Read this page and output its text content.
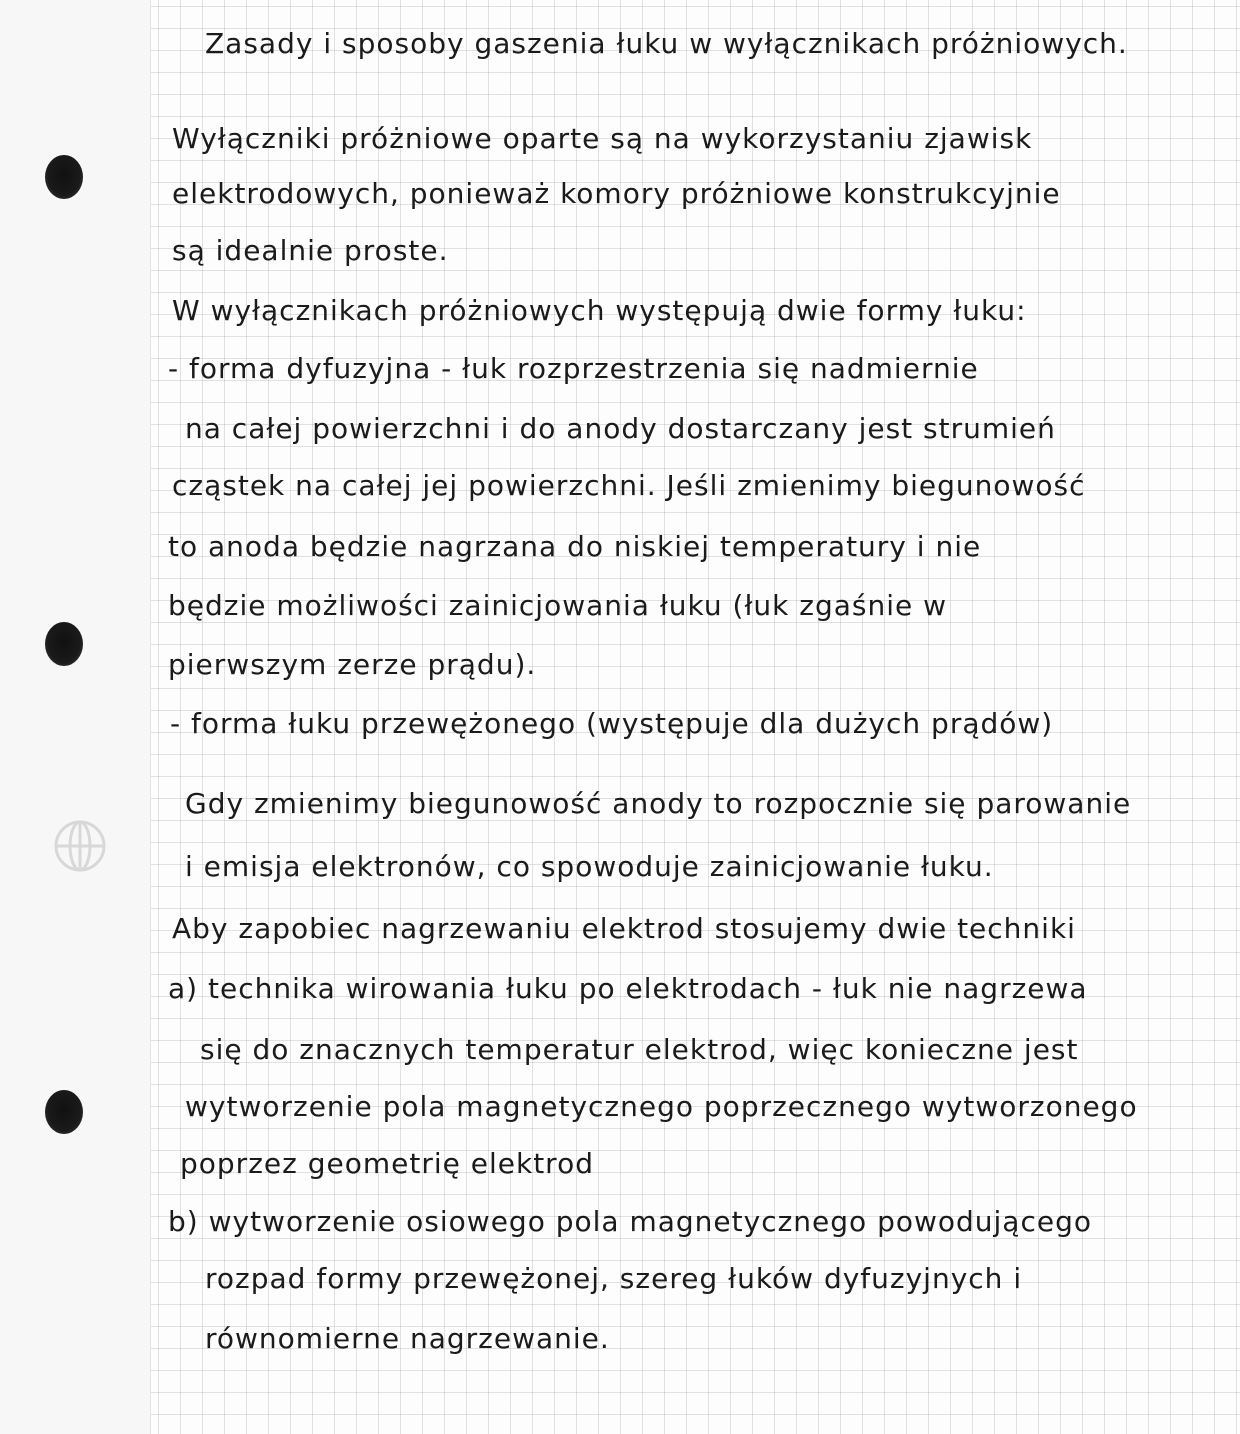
Zasady i sposoby gaszenia łuku w wyłącznikach próżniowych.

Wyłączniki próżniowe oparte są na wykorzystaniu zjawisk

elektrodowych, ponieważ komory próżniowe konstrukcyjnie

są idealnie proste.

W wyłącznikach próżniowych występują dwie formy łuku:

- forma dyfuzyjna - łuk rozprzestrzenia się nadmiernie

na całej powierzchni i do anody dostarczany jest strumień

cząstek na całej jej powierzchni. Jeśli zmienimy biegunowość

to anoda będzie nagrzana do niskiej temperatury i nie

będzie możliwości zainicjowania łuku (łuk zgaśnie w

pierwszym zerze prądu).

- forma łuku przewężonego (występuje dla dużych prądów)

Gdy zmienimy biegunowość anody to rozpocznie się parowanie

i emisja elektronów, co spowoduje zainicjowanie łuku.

Aby zapobiec nagrzewaniu elektrod stosujemy dwie techniki

a) technika wirowania łuku po elektrodach - łuk nie nagrzewa

się do znacznych temperatur elektrod, więc konieczne jest

wytworzenie pola magnetycznego poprzecznego wytworzonego

poprzez geometrię elektrod

b) wytworzenie osiowego pola magnetycznego powodującego

rozpad formy przewężonej, szereg łuków dyfuzyjnych i

równomierne nagrzewanie.
